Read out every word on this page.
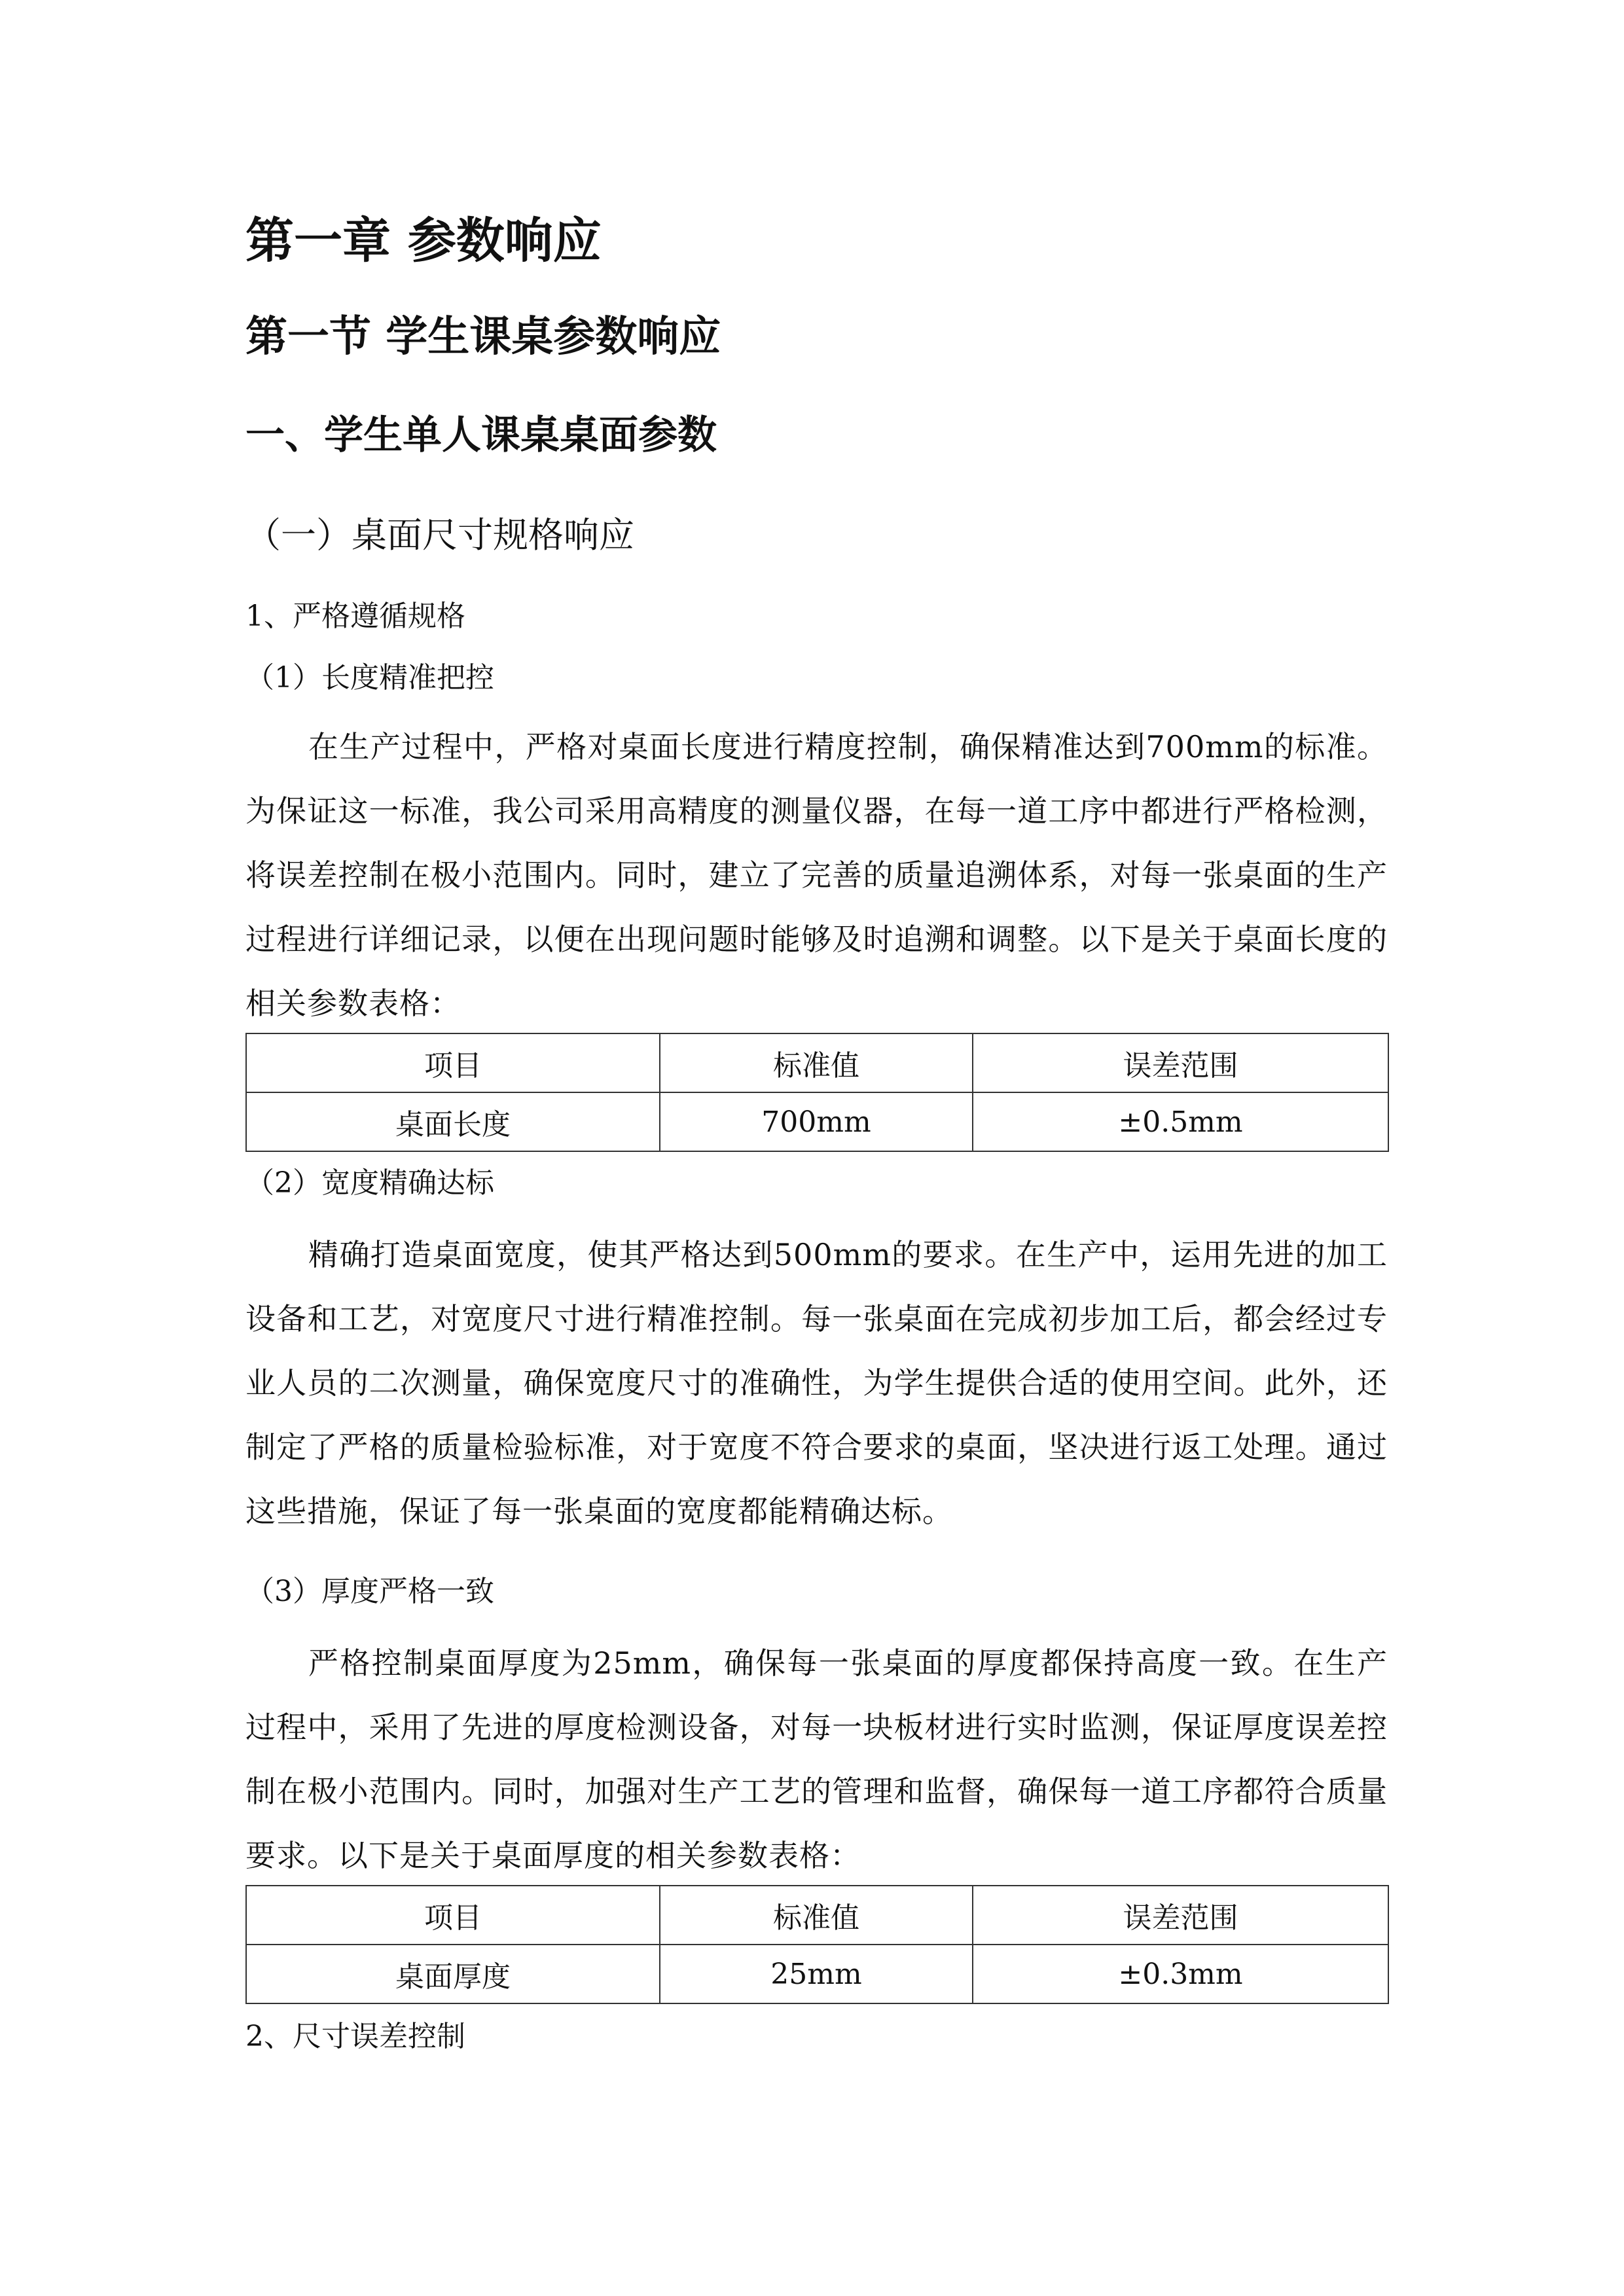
第一章 参数响应
第一节 学生课桌参数响应
一、学生单人课桌桌面参数
（一）桌面尺寸规格响应
1、严格遵循规格
（1）长度精准把控

在生产过程中，严格对桌面长度进行精度控制，确保精准达到700mm的标准。为保证这一标准，我公司采用高精度的测量仪器，在每一道工序中都进行严格检测，将误差控制在极小范围内。同时，建立了完善的质量追溯体系，对每一张桌面的生产过程进行详细记录，以便在出现问题时能够及时追溯和调整。以下是关于桌面长度的相关参数表格：

项目	标准值	误差范围
桌面长度	700mm	±0.5mm
（2）宽度精确达标

精确打造桌面宽度，使其严格达到500mm的要求。在生产中，运用先进的加工设备和工艺，对宽度尺寸进行精准控制。每一张桌面在完成初步加工后，都会经过专业人员的二次测量，确保宽度尺寸的准确性，为学生提供合适的使用空间。此外，还制定了严格的质量检验标准，对于宽度不符合要求的桌面，坚决进行返工处理。通过这些措施，保证了每一张桌面的宽度都能精确达标。

（3）厚度严格一致

严格控制桌面厚度为25mm，确保每一张桌面的厚度都保持高度一致。在生产过程中，采用了先进的厚度检测设备，对每一块板材进行实时监测，保证厚度误差控制在极小范围内。同时，加强对生产工艺的管理和监督，确保每一道工序都符合质量要求。以下是关于桌面厚度的相关参数表格：

项目	标准值	误差范围
桌面厚度	25mm	±0.3mm
2、尺寸误差控制
